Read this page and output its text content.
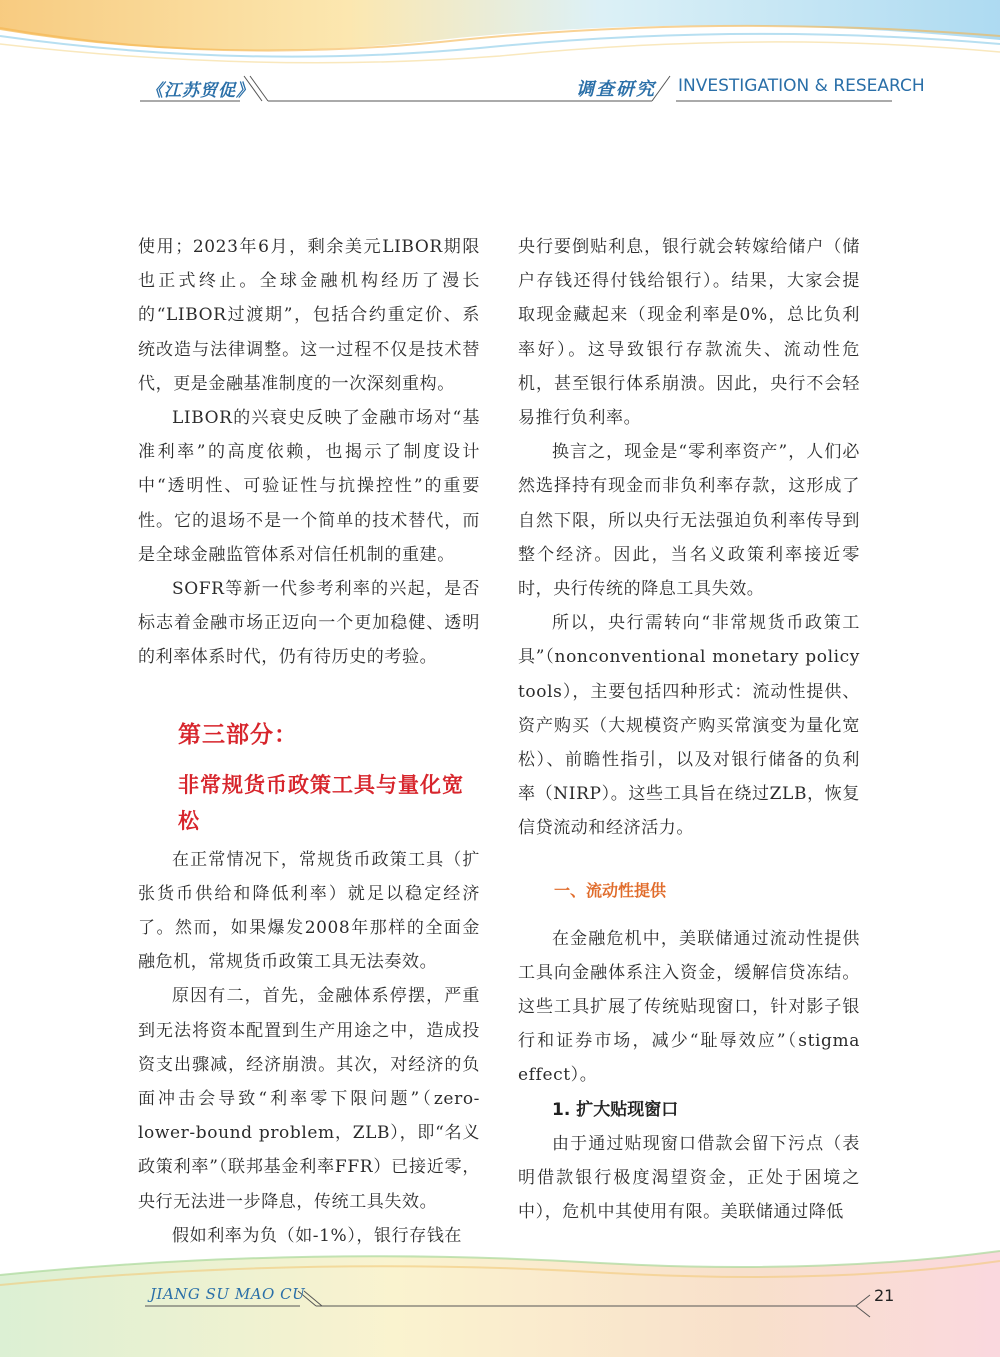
《江苏贸促》	调查研究 INVESTIGATION & RESEARCH

使用；2023年6月，剩余美元LIBOR期限也正式终止。全球金融机构经历了漫长的“LIBOR过渡期”，包括合约重定价、系统改造与法律调整。这一过程不仅是技术替代，更是金融基准制度的一次深刻重构。

LIBOR的兴衰史反映了金融市场对“基准利率”的高度依赖，也揭示了制度设计中“透明性、可验证性与抗操控性”的重要性。它的退场不是一个简单的技术替代，而是全球金融监管体系对信任机制的重建。

SOFR等新一代参考利率的兴起，是否标志着金融市场正迈向一个更加稳健、透明的利率体系时代，仍有待历史的考验。

第三部分：
非常规货币政策工具与量化宽松

在正常情况下，常规货币政策工具（扩张货币供给和降低利率）就足以稳定经济了。然而，如果爆发2008年那样的全面金融危机，常规货币政策工具无法奏效。

原因有二，首先，金融体系停摆，严重到无法将资本配置到生产用途之中，造成投资支出骤减，经济崩溃。其次，对经济的负面冲击会导致“利率零下限问题”（zero-lower-bound problem，ZLB），即“名义政策利率”（联邦基金利率FFR）已接近零，央行无法进一步降息，传统工具失效。

假如利率为负（如-1%），银行存钱在

央行要倒贴利息，银行就会转嫁给储户（储户存钱还得付钱给银行）。结果，大家会提取现金藏起来（现金利率是0%，总比负利率好）。这导致银行存款流失、流动性危机，甚至银行体系崩溃。因此，央行不会轻易推行负利率。

换言之，现金是“零利率资产”，人们必然选择持有现金而非负利率存款，这形成了自然下限，所以央行无法强迫负利率传导到整个经济。因此，当名义政策利率接近零时，央行传统的降息工具失效。

所以，央行需转向“非常规货币政策工具”（nonconventional monetary policy tools），主要包括四种形式：流动性提供、资产购买（大规模资产购买常演变为量化宽松）、前瞻性指引，以及对银行储备的负利率（NIRP）。这些工具旨在绕过ZLB，恢复信贷流动和经济活力。

一、流动性提供

在金融危机中，美联储通过流动性提供工具向金融体系注入资金，缓解信贷冻结。这些工具扩展了传统贴现窗口，针对影子银行和证券市场，减少“耻辱效应”（stigma effect）。

1. 扩大贴现窗口

由于通过贴现窗口借款会留下污点（表明借款银行极度渴望资金，正处于困境之中），危机中其使用有限。美联储通过降低

JIANG SU MAO CU	21
